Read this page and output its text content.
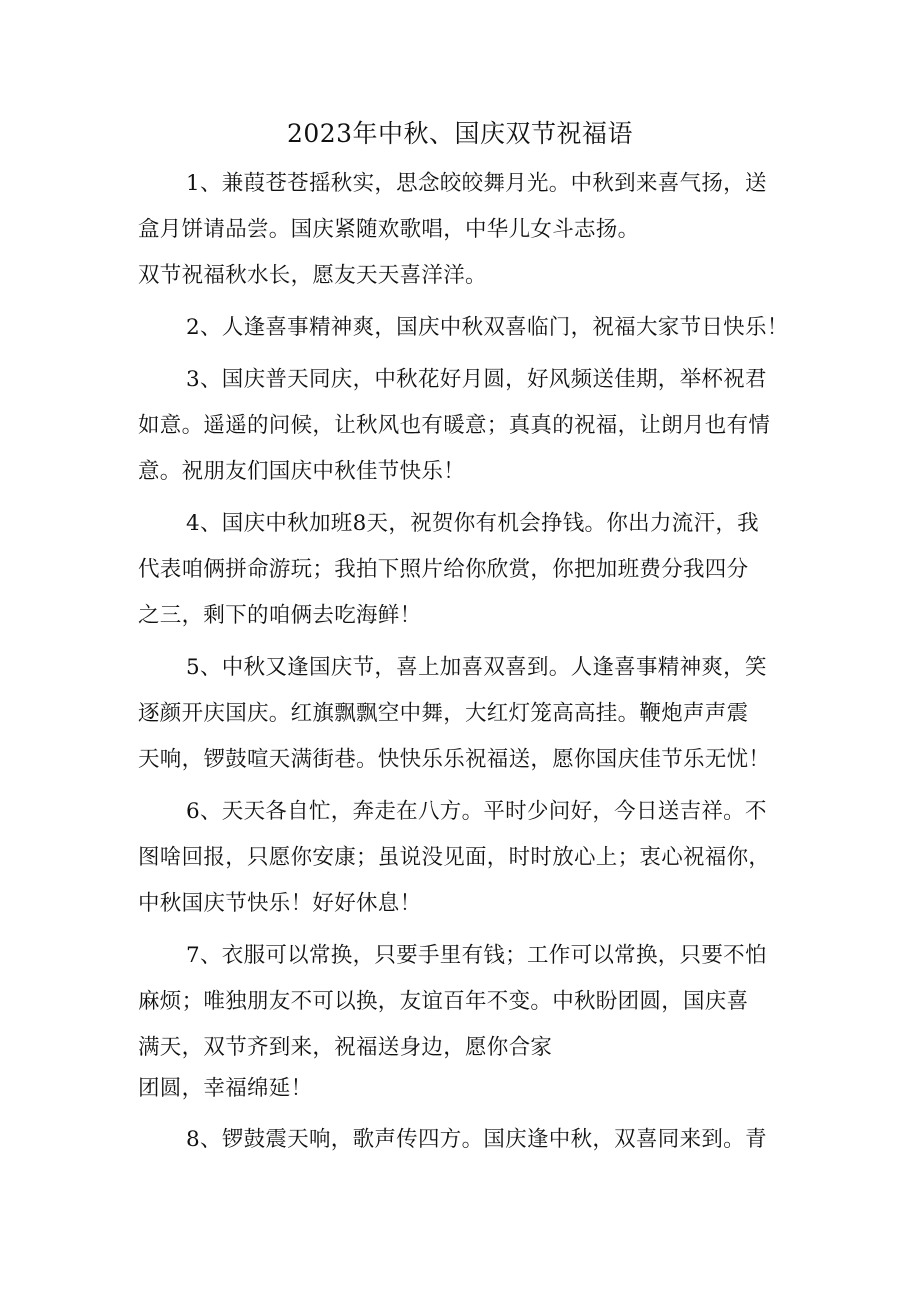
2023年中秋、国庆双节祝福语
1、兼葭苍苍摇秋实，思念皎皎舞月光。中秋到来喜气扬，送
盒月饼请品尝。国庆紧随欢歌唱，中华儿女斗志扬。
双节祝福秋水长，愿友天天喜洋洋。
2、人逢喜事精神爽，国庆中秋双喜临门，祝福大家节日快乐！
3、国庆普天同庆，中秋花好月圆，好风频送佳期，举杯祝君
如意。遥遥的问候，让秋风也有暖意；真真的祝福，让朗月也有情
意。祝朋友们国庆中秋佳节快乐！
4、国庆中秋加班8天，祝贺你有机会挣钱。你出力流汗，我
代表咱俩拼命游玩；我拍下照片给你欣赏，你把加班费分我四分
之三，剩下的咱俩去吃海鲜！
5、中秋又逢国庆节，喜上加喜双喜到。人逢喜事精神爽，笑
逐颜开庆国庆。红旗飘飘空中舞，大红灯笼高高挂。鞭炮声声震
天响，锣鼓喧天满街巷。快快乐乐祝福送，愿你国庆佳节乐无忧！
6、天天各自忙，奔走在八方。平时少问好，今日送吉祥。不
图啥回报，只愿你安康；虽说没见面，时时放心上；衷心祝福你，
中秋国庆节快乐！好好休息！
7、衣服可以常换，只要手里有钱；工作可以常换，只要不怕
麻烦；唯独朋友不可以换，友谊百年不变。中秋盼团圆，国庆喜
满天，双节齐到来，祝福送身边，愿你合家
团圆，幸福绵延！
8、锣鼓震天响，歌声传四方。国庆逢中秋，双喜同来到。青
